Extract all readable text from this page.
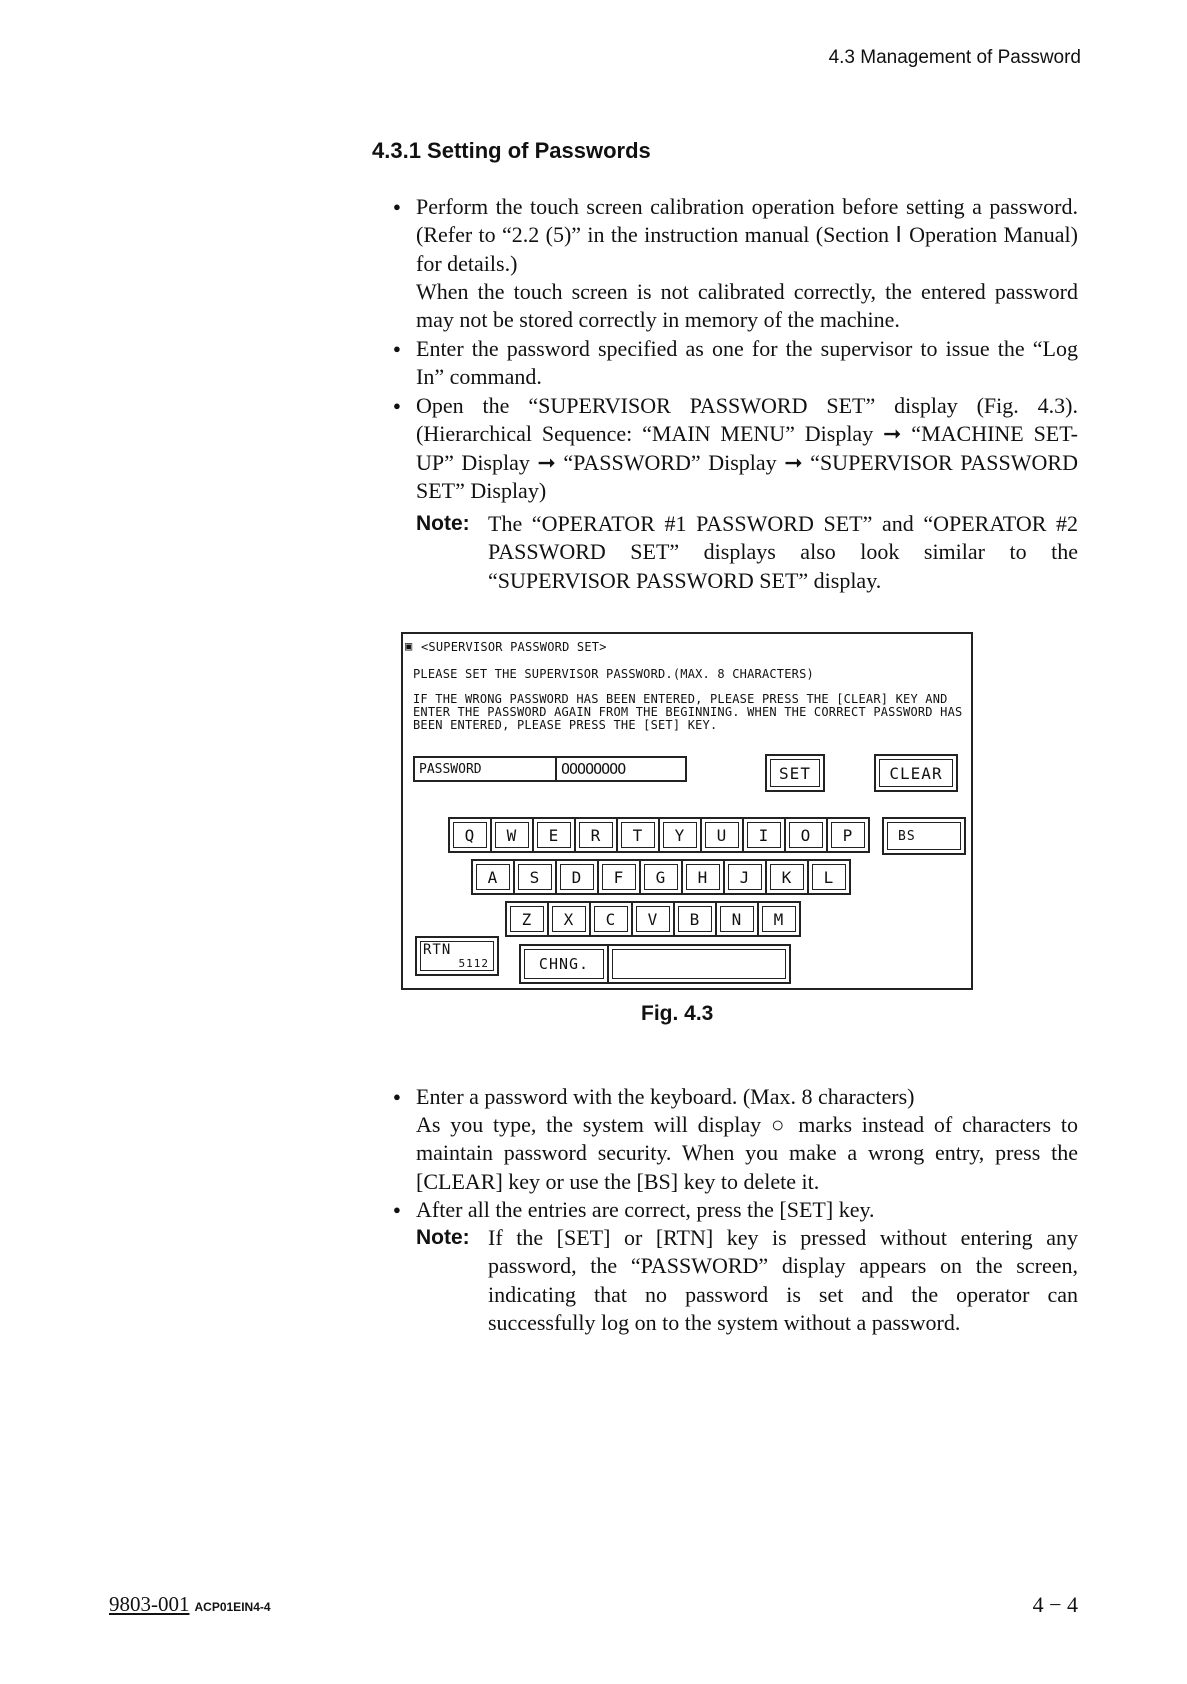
4.3 Management of Password
4.3.1 Setting of Passwords
● Perform the touch screen calibration operation before setting a password. (Refer to “2.2 (5)” in the instruction manual (Section Ⅰ Operation Manual) for details.)
When the touch screen is not calibrated correctly, the entered password may not be stored correctly in memory of the machine.
● Enter the password specified as one for the supervisor to issue the “Log In” command.
● Open the “SUPERVISOR PASSWORD SET” display (Fig. 4.3). (Hierarchical Sequence: “MAIN MENU” Display ➞ “MACHINE SET-UP” Display ➞ “PASSWORD” Display ➞ “SUPERVISOR PASSWORD SET” Display)
Note: The “OPERATOR #1 PASSWORD SET” and “OPERATOR #2 PASSWORD SET” displays also look similar to the “SUPERVISOR PASSWORD SET” display.
▣ <SUPERVISOR PASSWORD SET>
PLEASE SET THE SUPERVISOR PASSWORD.(MAX. 8 CHARACTERS)
IF THE WRONG PASSWORD HAS BEEN ENTERED, PLEASE PRESS THE [CLEAR] KEY AND
ENTER THE PASSWORD AGAIN FROM THE BEGINNING. WHEN THE CORRECT PASSWORD HAS
BEEN ENTERED, PLEASE PRESS THE [SET] KEY.
PASSWORD	OOOOOOOO	SET	CLEAR
Q	W	E	R	T	Y	U	I	O	P	BS
A	S	D	F	G	H	J	K	L
Z	X	C	V	B	N	M
RTN
5112	CHNG.
Fig. 4.3
● Enter a password with the keyboard. (Max. 8 characters)
As you type, the system will display ○ marks instead of characters to maintain password security. When you make a wrong entry, press the [CLEAR] key or use the [BS] key to delete it.
● After all the entries are correct, press the [SET] key.
Note: If the [SET] or [RTN] key is pressed without entering any password, the “PASSWORD” display appears on the screen, indicating that no password is set and the operator can successfully log on to the system without a password.
9803-001 ACP01EIN4-4	4 − 4
